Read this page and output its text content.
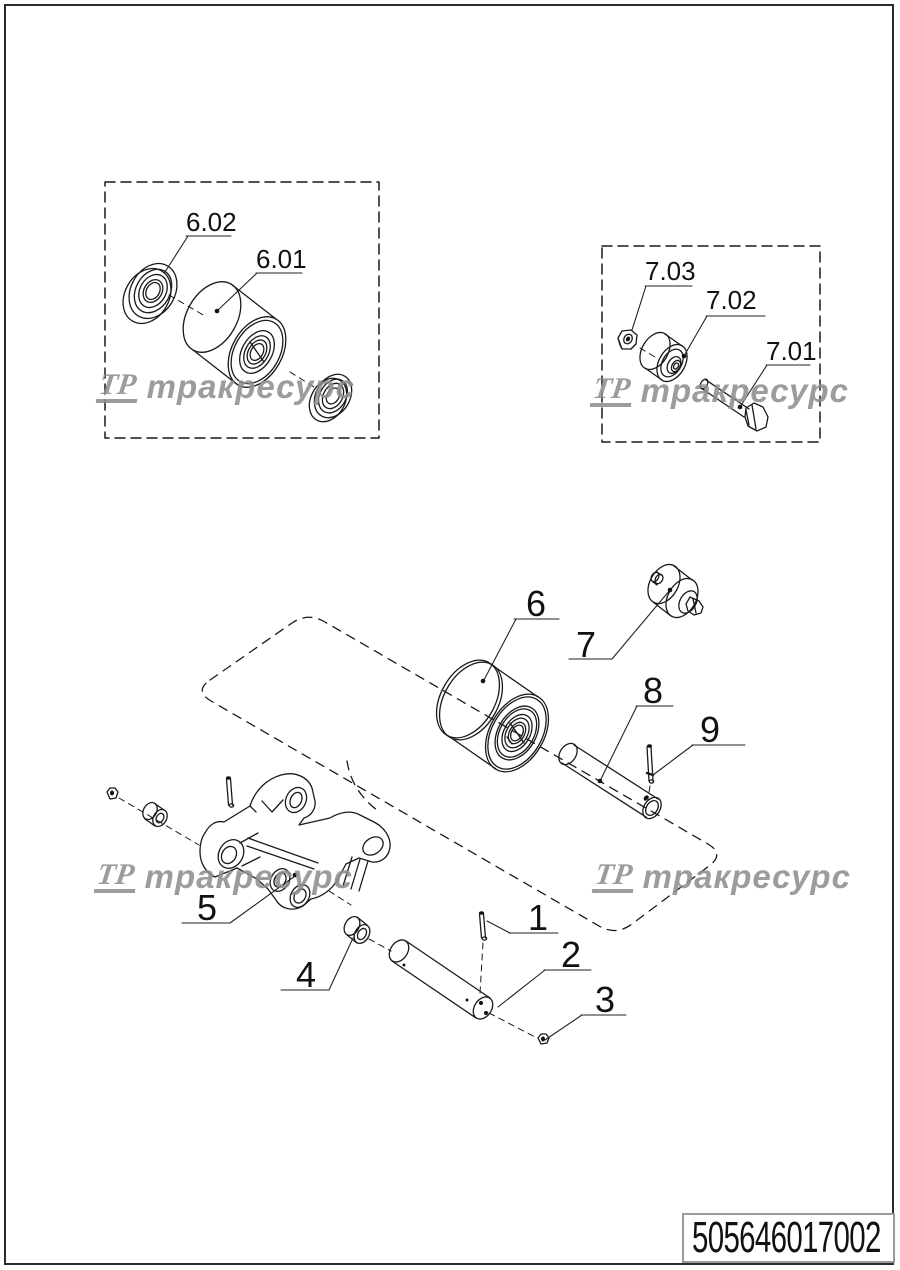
ТР тракресурс	ТР тракресурс
ТР тракресурс	ТР тракресурс
6.02
6.01	7.03
7.02
7.01
6
7
8
9
5
4
1
2
3
505646017002
